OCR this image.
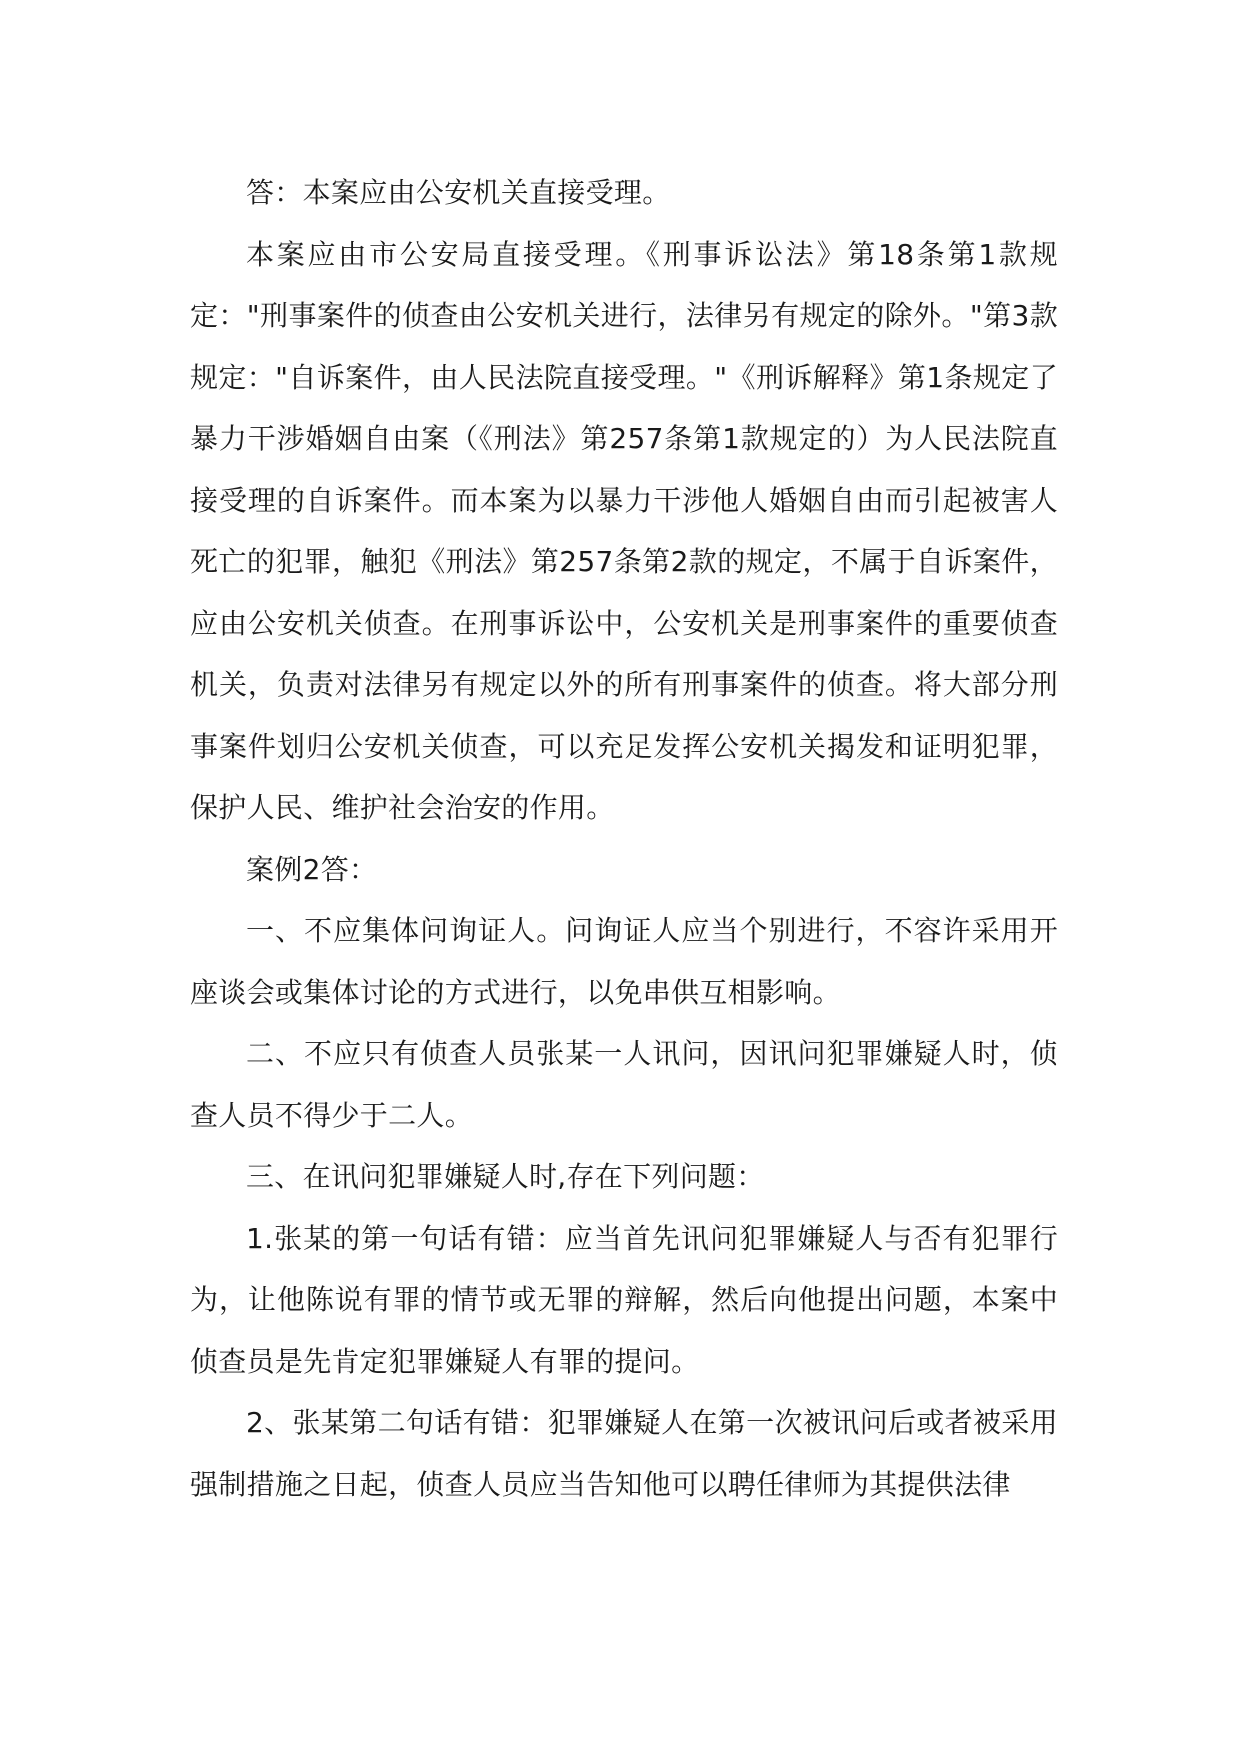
答：本案应由公安机关直接受理。

本案应由市公安局直接受理。《刑事诉讼法》第18条第1款规定："刑事案件的侦查由公安机关进行，法律另有规定的除外。"第3款规定："自诉案件，由人民法院直接受理。"《刑诉解释》第1条规定了暴力干涉婚姻自由案（《刑法》第257条第1款规定的）为人民法院直接受理的自诉案件。而本案为以暴力干涉他人婚姻自由而引起被害人死亡的犯罪，触犯《刑法》第257条第2款的规定，不属于自诉案件，应由公安机关侦查。在刑事诉讼中，公安机关是刑事案件的重要侦查机关，负责对法律另有规定以外的所有刑事案件的侦查。将大部分刑事案件划归公安机关侦查，可以充足发挥公安机关揭发和证明犯罪，保护人民、维护社会治安的作用。

案例2答：

一、不应集体问询证人。问询证人应当个别进行，不容许采用开座谈会或集体讨论的方式进行，以免串供互相影响。

二、不应只有侦查人员张某一人讯问，因讯问犯罪嫌疑人时，侦查人员不得少于二人。

三、在讯问犯罪嫌疑人时,存在下列问题：

1.张某的第一句话有错：应当首先讯问犯罪嫌疑人与否有犯罪行为，让他陈说有罪的情节或无罪的辩解，然后向他提出问题，本案中侦查员是先肯定犯罪嫌疑人有罪的提问。

2、张某第二句话有错：犯罪嫌疑人在第一次被讯问后或者被采用强制措施之日起，侦查人员应当告知他可以聘任律师为其提供法律
